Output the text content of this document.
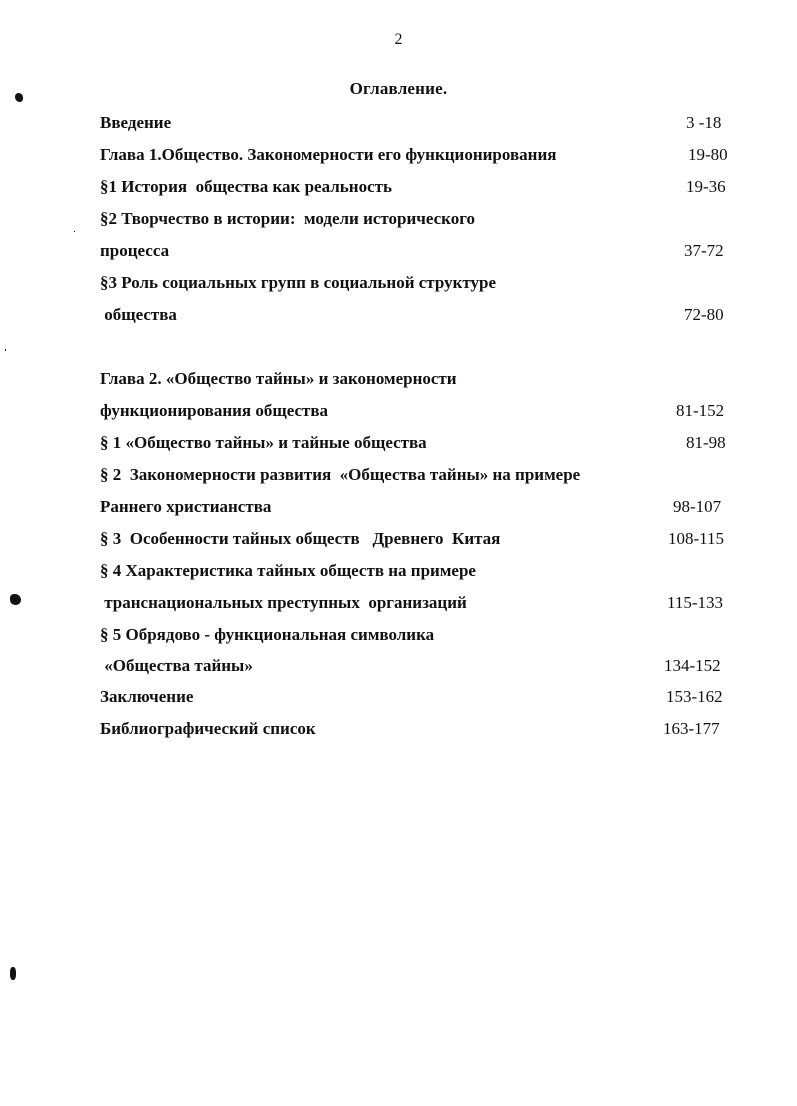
2
Оглавление.
Введение	3 -18
Глава 1.Общество. Закономерности его функционирования	19-80
§1 История  общества как реальность	19-36
§2 Творчество в истории:  модели исторического
процесса	37-72
§3 Роль социальных групп в социальной структуре
общества	72-80
Глава 2. «Общество тайны» и закономерности
функционирования общества	81-152
§ 1 «Общество тайны» и тайные общества	81-98
§ 2  Закономерности развития  «Общества тайны» на примере
Раннего христианства	98-107
§ 3  Особенности тайных обществ   Древнего  Китая	108-115
§ 4 Характеристика тайных обществ на примере
транснациональных преступных  организаций	115-133
§ 5 Обрядово - функциональная символика
«Общества тайны»	134-152
Заключение	153-162
Библиографический список	163-177
